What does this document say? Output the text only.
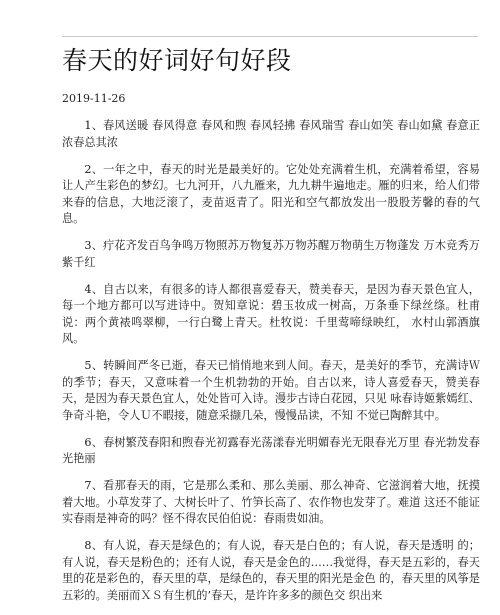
春天的好词好句好段
2019-11-26

1、春风送暖 春风得意 春风和煦 春风轻拂 春风瑞雪 春山如笑 春山如黛 春意正浓春总其浓

2、一年之中，春天的时光是最美好的。它处处充满着生机，充满着希望，容易让人产生彩色的梦幻。七九河开，八九雁来，九九耕牛遍地走。雁的归来，给人们带来春的信息，大地泛滚了，麦苗返青了。阳光和空气都放发出一股股芳馨的春的气息。

3、疔花齐发百鸟争鸣万物照苏万物复苏万物苏醒万物萌生万物蓬发 万木竞秀万紫千红

4、自古以来，有很多的诗人都很喜爱春天，赞美春天，是因为春天景色宜人，每一个地方都可以写进诗中。贺知章说：碧玉妆成一树高，万条垂下绿丝绦。杜甫说：两个黄裱鸣翠柳，一行白鹭上青天。杜牧说：千里莺啼绿映红， 水村山郭酒旗风。

5、转瞬间严冬已逝，春天已悄悄地来到人间。春天，是美好的季节，充满诗Ｗ的季节；春天，又意味着一个生机勃勃的开始。自古以来，诗人喜爱春天，赞美春天，是因为春天景色宜人，处处皆可入诗。漫步古诗白花园，只见 咏春诗姬紫嫣红、争奇斗艳，令人Ｕ不暇接，随意采撷几朵，慢慢品读，不知 不觉已陶醉其中。

6、春树繁茂春阳和煦春光初露春光荡漾春光明媚春光无限春光万里 春光勃发春光艳丽

7、看那春天的雨，它是那么柔和、那么美丽、那么神奇、它滋润着大地，抚摸着大地。小草发芽了、大树长叶了、竹笋长高了、农作物也发芽了。难道 这还不能证实春雨是神奇的吗？怪不得农民伯伯说：春雨贵如油。

8、有人说，春天是绿色的；有人说，春天是白色的；有人说，春天是透明 的；有人说，春天是粉色的；还有人说，春天是金色的……我觉得，春天是五彩的，春天里的花是彩色的，春天里的草，是绿色的，春天里的阳光是金色 的，春天里的风筝是五彩的。美丽而ＸＳ有生机的’春天，是许许多多的颜色交 织出来
